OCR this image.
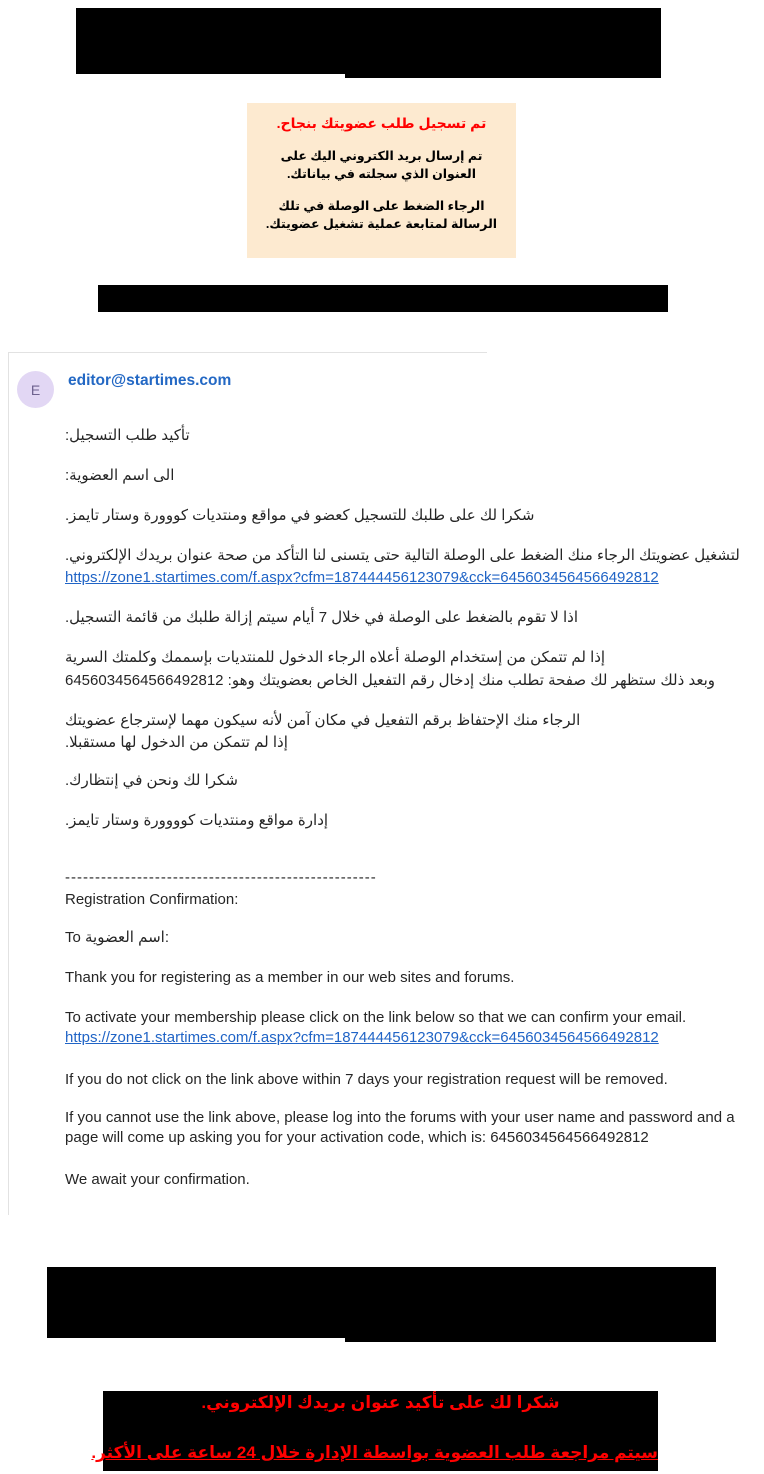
تم تسجيل طلب عضويتك بنجاح.
تم إرسال بريد الكتروني اليك على العنوان الذي سجلته في بياناتك.
الرجاء الضغط على الوصلة في تلك الرسالة لمتابعة عملية تشغيل عضويتك.
E
editor@startimes.com
تأكيد طلب التسجيل:
الى اسم العضوية:
شكرا لك على طلبك للتسجيل كعضو في مواقع ومنتديات كووورة وستار تايمز.
لتشغيل عضويتك الرجاء منك الضغط على الوصلة التالية حتى يتسنى لنا التأكد من صحة عنوان بريدك الإلكتروني.
https://zone1.startimes.com/f.aspx?cfm=187444456123079&cck=6456034564566492812
اذا لا تقوم بالضغط على الوصلة في خلال 7 أيام سيتم إزالة طلبك من قائمة التسجيل.
إذا لم تتمكن من إستخدام الوصلة أعلاه الرجاء الدخول للمنتديات بإسممك وكلمتك السرية
وبعد ذلك ستظهر لك صفحة تطلب منك إدخال رقم التفعيل الخاص بعضويتك وهو: 6456034564566492812
الرجاء منك الإحتفاظ برقم التفعيل في مكان آمن لأنه سيكون مهما لإسترجاع عضويتك
إذا لم تتمكن من الدخول لها مستقبلا.
شكرا لك ونحن في إنتظارك.
إدارة مواقع ومنتديات كوووورة وستار تايمز.
----------------------------------------------------
Registration Confirmation:
To اسم العضوية:
Thank you for registering as a member in our web sites and forums.
To activate your membership please click on the link below so that we can confirm your email.
https://zone1.startimes.com/f.aspx?cfm=187444456123079&cck=6456034564566492812
If you do not click on the link above within 7 days your registration request will be removed.
If you cannot use the link above, please log into the forums with your user name and password and a page will come up asking you for your activation code, which is: 6456034564566492812
We await your confirmation.
شكرا لك على تأكيد عنوان بريدك الإلكتروني.
سيتم مراجعة طلب العضوية بواسطة الإدارة خلال 24 ساعة على الأكثر.
